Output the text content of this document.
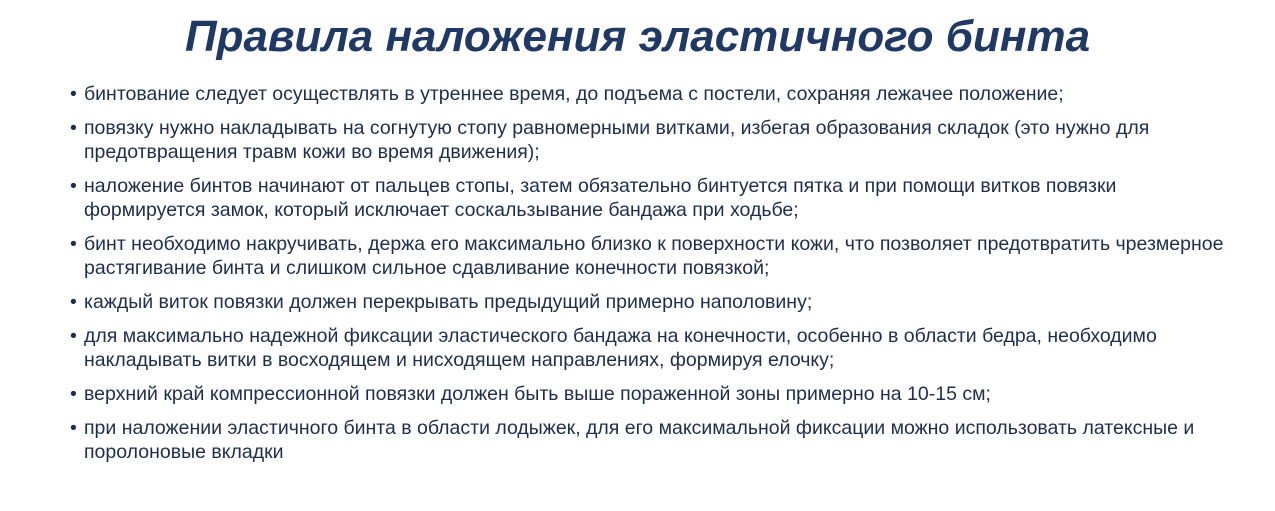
Правила наложения эластичного бинта
• бинтование следует осуществлять в утреннее время, до подъема с постели, сохраняя лежачее положение;
• повязку нужно накладывать на согнутую стопу равномерными витками, избегая образования складок (это нужно для предотвращения травм кожи во время движения);
• наложение бинтов начинают от пальцев стопы, затем обязательно бинтуется пятка и при помощи витков повязки формируется замок, который исключает соскальзывание бандажа при ходьбе;
• бинт необходимо накручивать, держа его максимально близко к поверхности кожи, что позволяет предотвратить чрезмерное растягивание бинта и слишком сильное сдавливание конечности повязкой;
• каждый виток повязки должен перекрывать предыдущий примерно наполовину;
• для максимально надежной фиксации эластического бандажа на конечности, особенно в области бедра, необходимо накладывать витки в восходящем и нисходящем направлениях, формируя елочку;
• верхний край компрессионной повязки должен быть выше пораженной зоны примерно на 10-15 см;
• при наложении эластичного бинта в области лодыжек, для его максимальной фиксации можно использовать латексные и поролоновые вкладки
